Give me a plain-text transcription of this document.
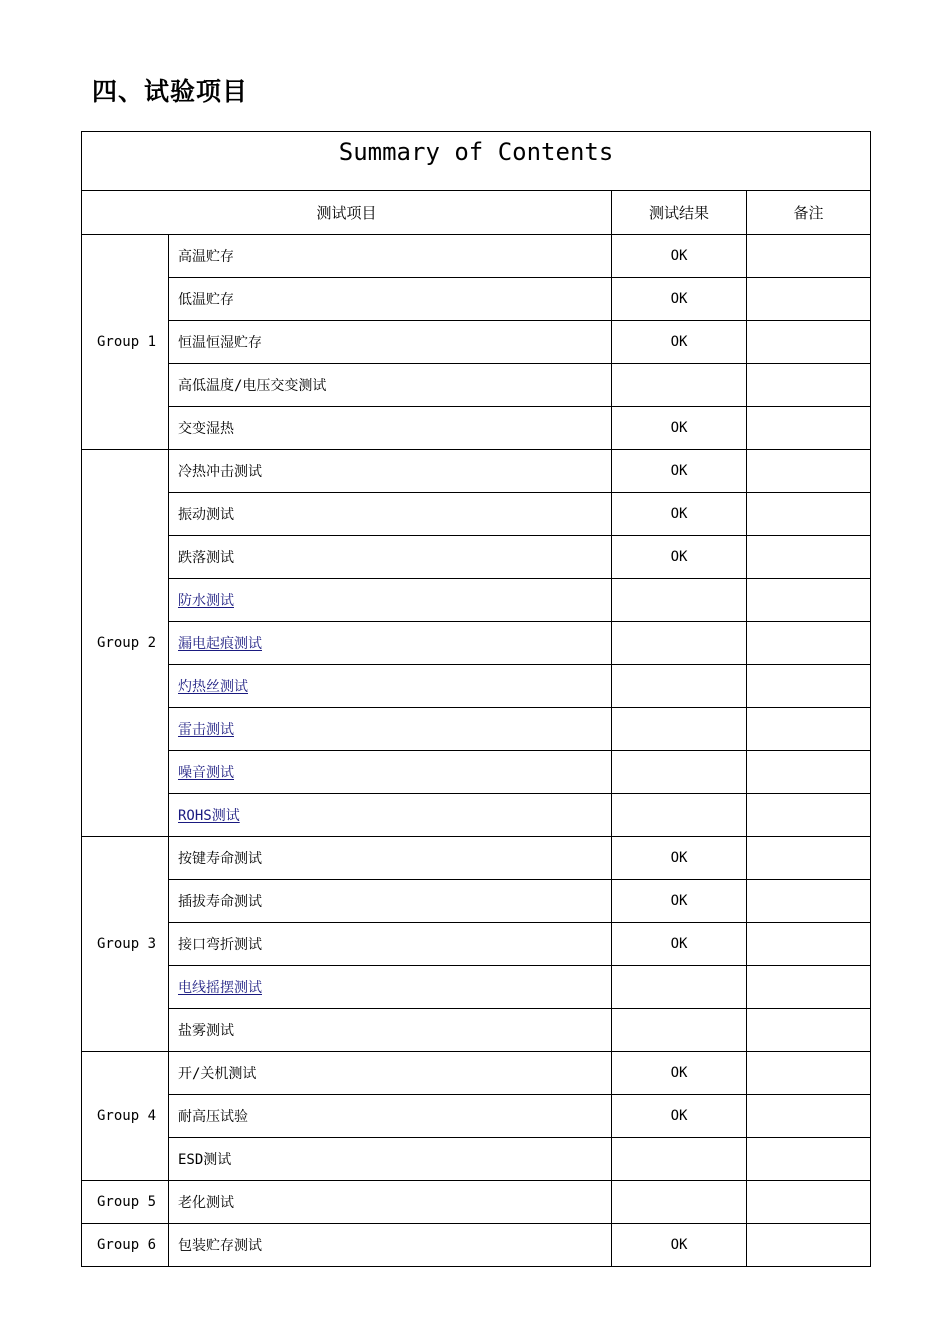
四、试验项目
Summary of Contents			
测试项目		测试结果	备注
Group 1	高温贮存	OK	
	低温贮存	OK	
	恒温恒湿贮存	OK	
	高低温度/电压交变测试		
	交变湿热	OK	
Group 2	冷热冲击测试	OK	
	振动测试	OK	
	跌落测试	OK	
	防水测试		
	漏电起痕测试		
	灼热丝测试		
	雷击测试		
	噪音测试		
	ROHS测试		
Group 3	按键寿命测试	OK	
	插拔寿命测试	OK	
	接口弯折测试	OK	
	电线摇摆测试		
	盐雾测试		
Group 4	开/关机测试	OK	
	耐高压试验	OK	
	ESD测试		
Group 5	老化测试		
Group 6	包装贮存测试	OK	
